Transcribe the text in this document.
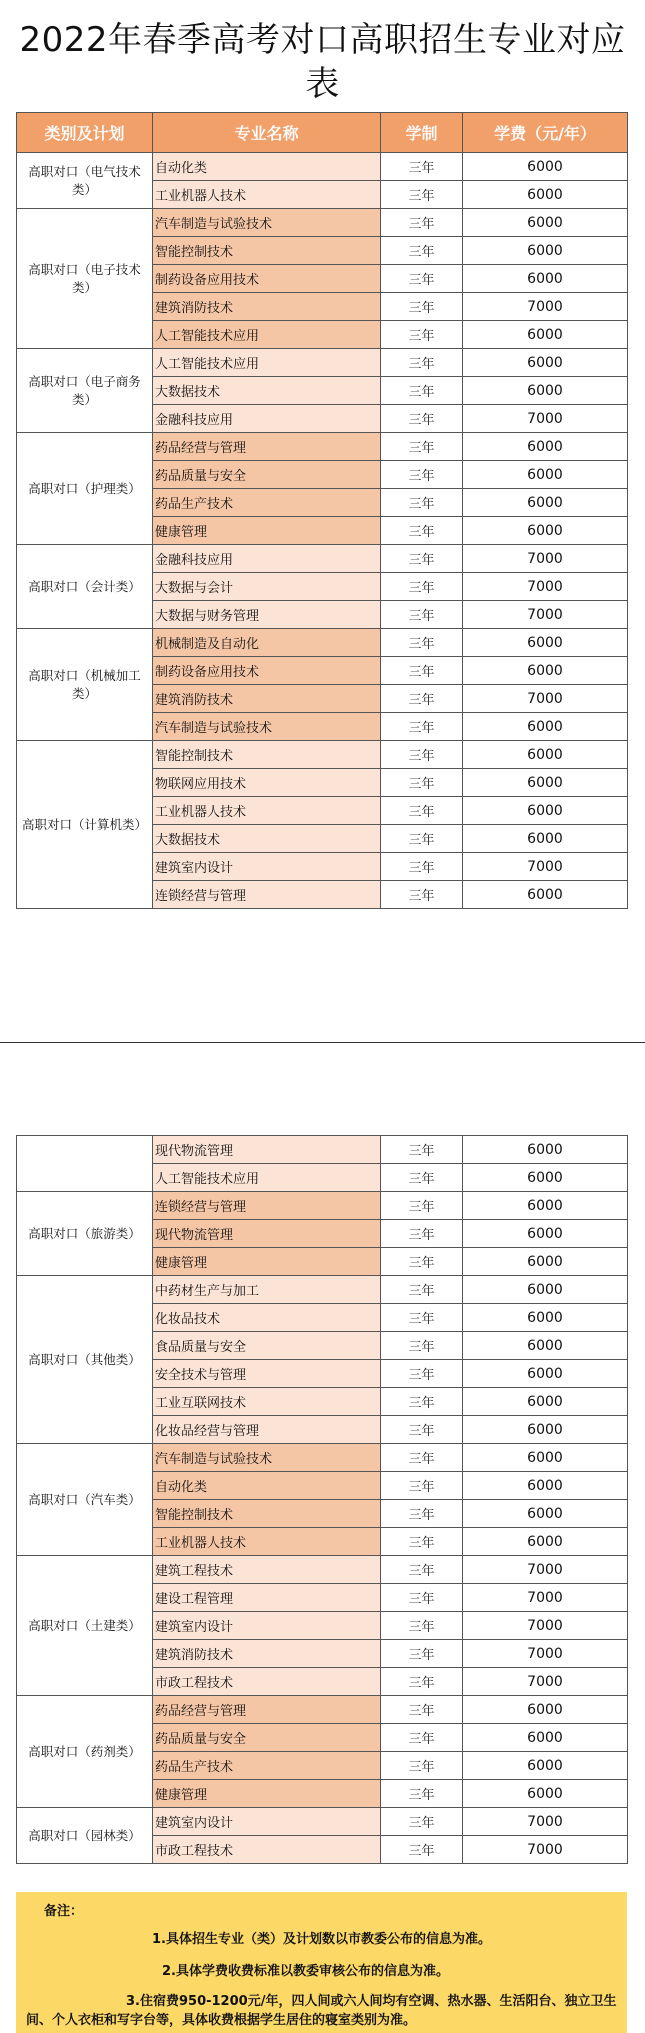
2022年春季高考对口高职招生专业对应
表
类别及计划	专业名称	学制	学费（元/年）
高职对口（电气技术类）	自动化类	三年	6000
	工业机器人技术	三年	6000
高职对口（电子技术类）	汽车制造与试验技术	三年	6000
	智能控制技术	三年	6000
	制药设备应用技术	三年	6000
	建筑消防技术	三年	7000
	人工智能技术应用	三年	6000
高职对口（电子商务类）	人工智能技术应用	三年	6000
	大数据技术	三年	6000
	金融科技应用	三年	7000
高职对口（护理类）	药品经营与管理	三年	6000
	药品质量与安全	三年	6000
	药品生产技术	三年	6000
	健康管理	三年	6000
高职对口（会计类）	金融科技应用	三年	7000
	大数据与会计	三年	7000
	大数据与财务管理	三年	7000
高职对口（机械加工类）	机械制造及自动化	三年	6000
	制药设备应用技术	三年	6000
	建筑消防技术	三年	7000
	汽车制造与试验技术	三年	6000
高职对口（计算机类）	智能控制技术	三年	6000
	物联网应用技术	三年	6000
	工业机器人技术	三年	6000
	大数据技术	三年	6000
	建筑室内设计	三年	7000
	连锁经营与管理	三年	6000
	现代物流管理	三年	6000
	人工智能技术应用	三年	6000
高职对口（旅游类）	连锁经营与管理	三年	6000
	现代物流管理	三年	6000
	健康管理	三年	6000
高职对口（其他类）	中药材生产与加工	三年	6000
	化妆品技术	三年	6000
	食品质量与安全	三年	6000
	安全技术与管理	三年	6000
	工业互联网技术	三年	6000
	化妆品经营与管理	三年	6000
高职对口（汽车类）	汽车制造与试验技术	三年	6000
	自动化类	三年	6000
	智能控制技术	三年	6000
	工业机器人技术	三年	6000
高职对口（土建类）	建筑工程技术	三年	7000
	建设工程管理	三年	7000
	建筑室内设计	三年	7000
	建筑消防技术	三年	7000
	市政工程技术	三年	7000
高职对口（药剂类）	药品经营与管理	三年	6000
	药品质量与安全	三年	6000
	药品生产技术	三年	6000
	健康管理	三年	6000
高职对口（园林类）	建筑室内设计	三年	7000
	市政工程技术	三年	7000
备注：
1.具体招生专业（类）及计划数以市教委公布的信息为准。
2.具体学费收费标准以教委审核公布的信息为准。
3.住宿费950-1200元/年，四人间或六人间均有空调、热水器、生活阳台、独立卫生间、个人衣柜和写字台等，具体收费根据学生居住的寝室类别为准。
